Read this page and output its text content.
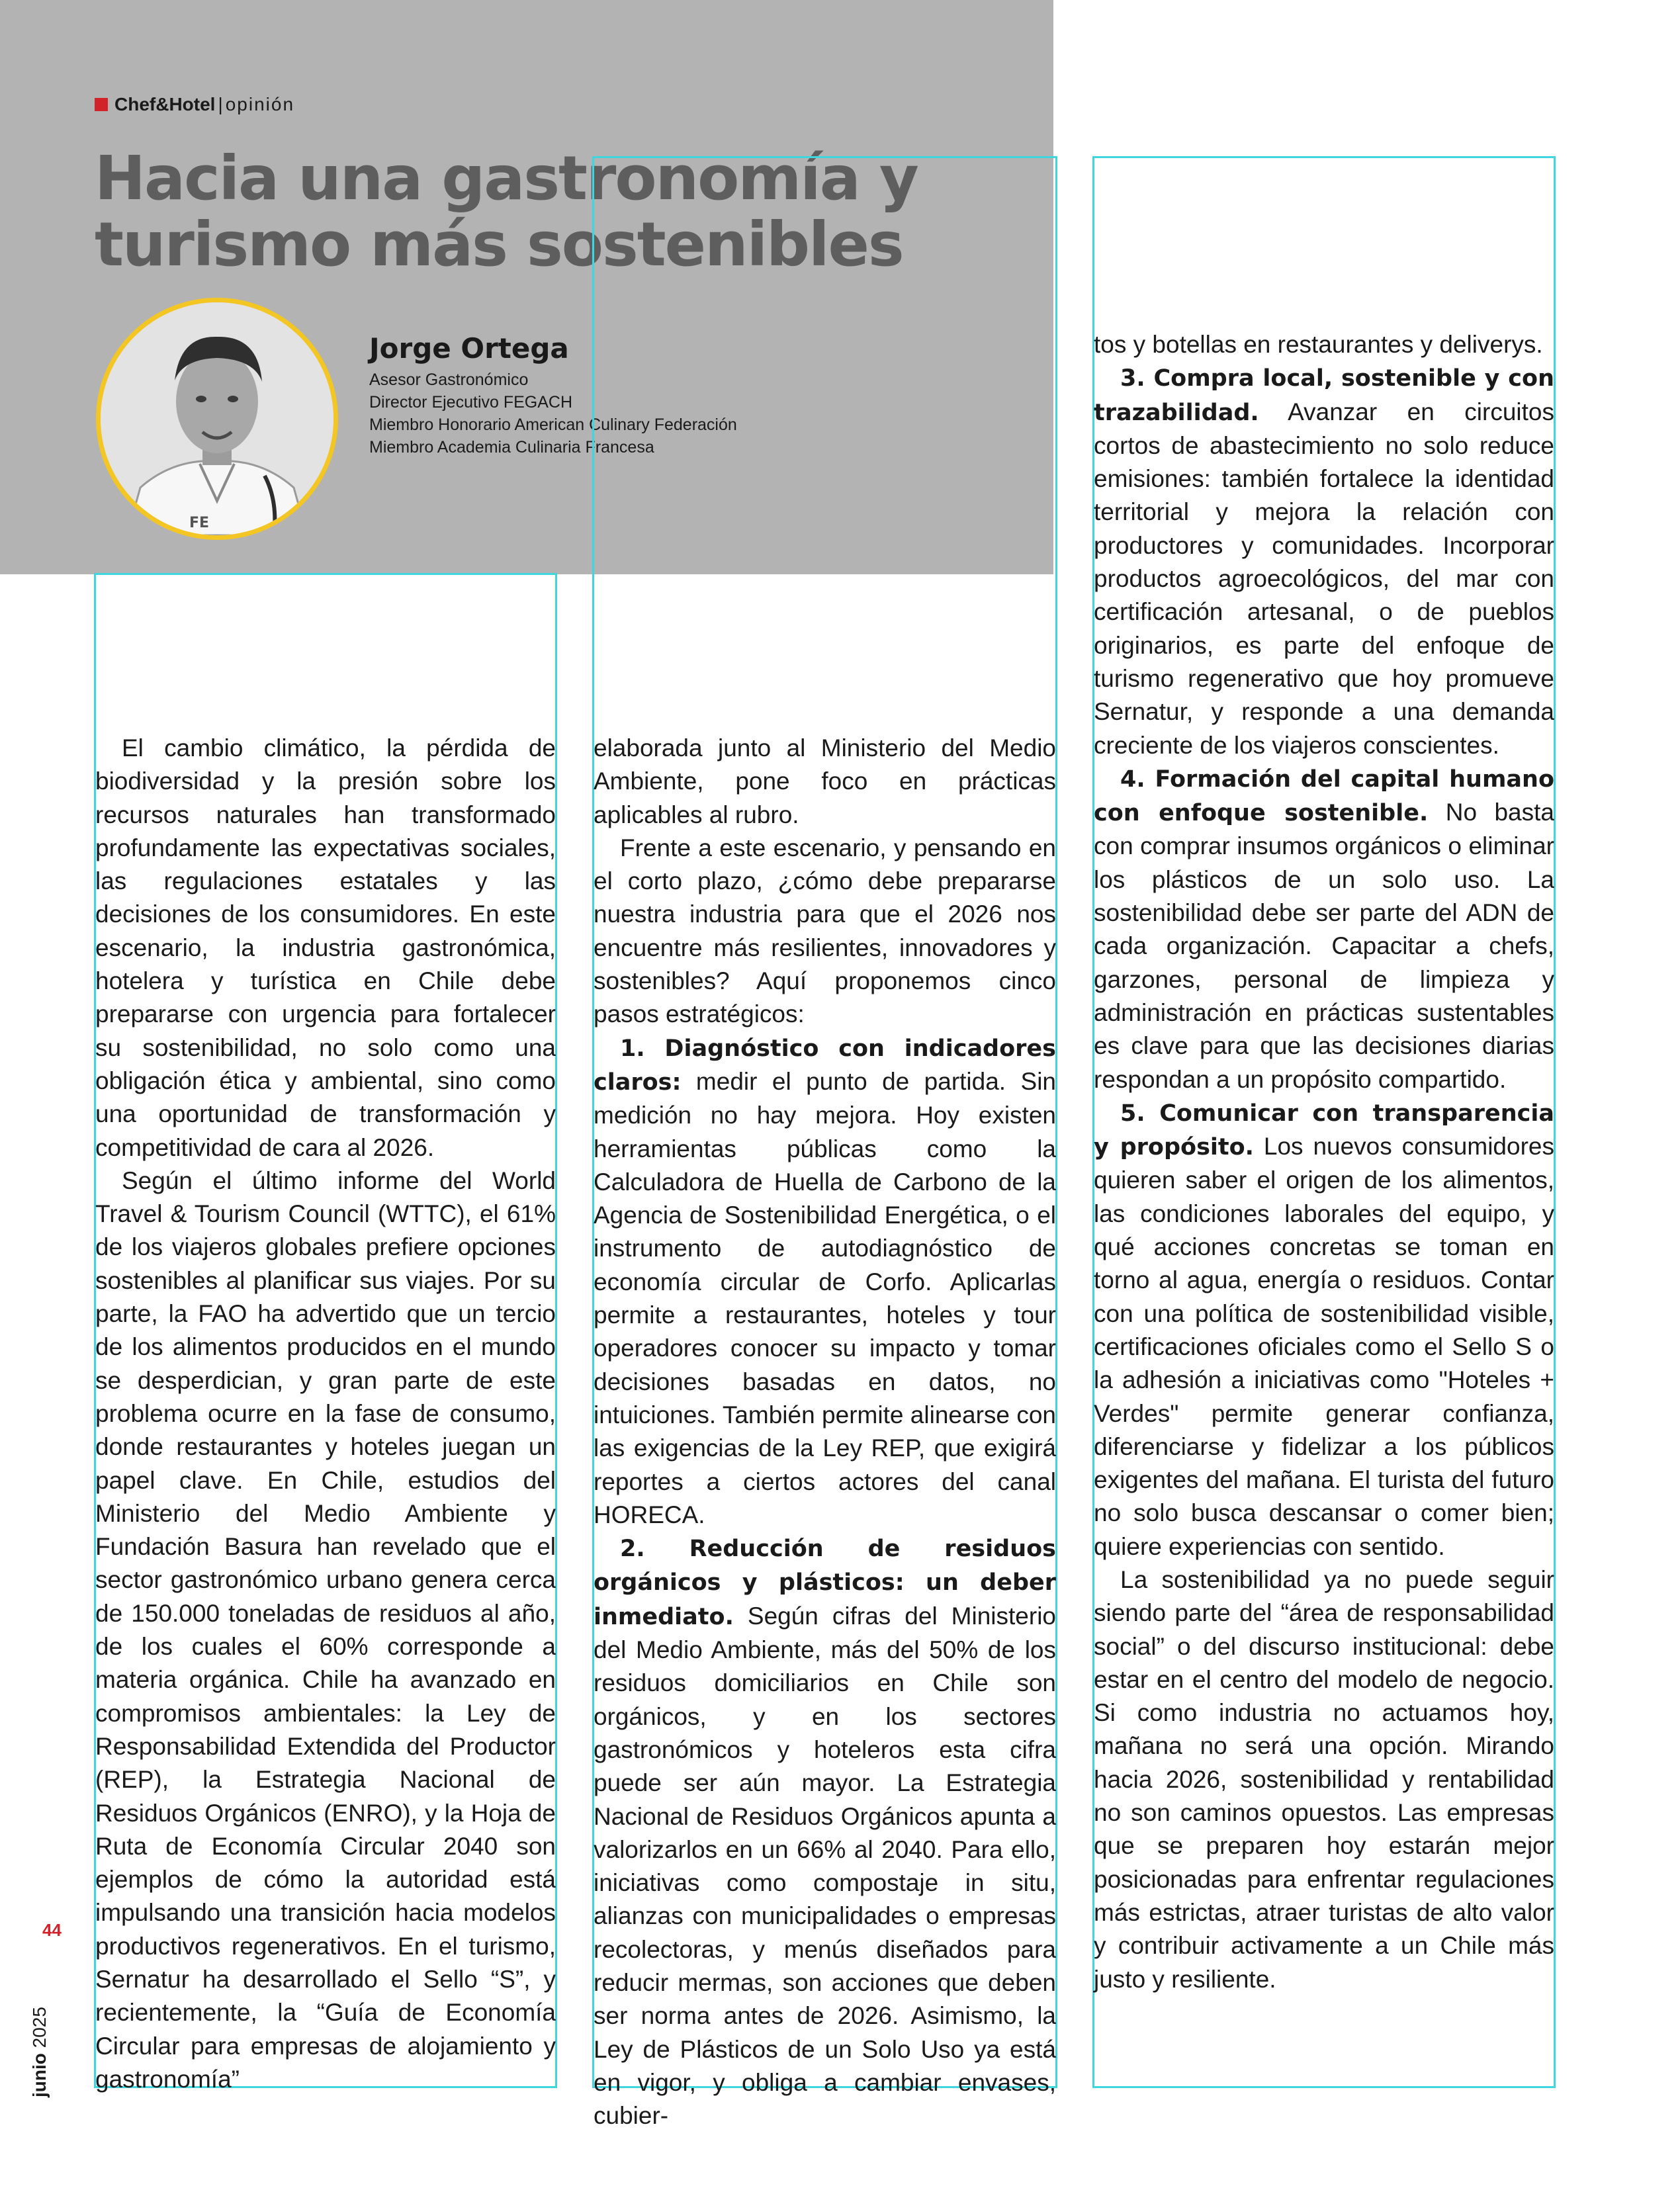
Chef&Hotel | opinión
Hacia una gastronomía y
turismo más sostenibles
FE
Jorge Ortega
Asesor Gastronómico
Director Ejecutivo FEGACH
Miembro Honorario American Culinary Federación
Miembro Academia Culinaria Francesa

El cambio climático, la pérdida de biodiversidad y la presión sobre los recursos naturales han transformado profundamente las expectativas sociales, las regulaciones estatales y las decisiones de los consumidores. En este escenario, la industria gastronómica, hotelera y turística en Chile debe prepararse con urgencia para fortalecer su sostenibilidad, no solo como una obligación ética y ambiental, sino como una oportunidad de transformación y competitividad de cara al 2026.

Según el último informe del World Travel & Tourism Council (WTTC), el 61% de los viajeros globales prefiere opciones sostenibles al planificar sus viajes. Por su parte, la FAO ha advertido que un tercio de los alimentos producidos en el mundo se desperdician, y gran parte de este problema ocurre en la fase de consumo, donde restaurantes y hoteles juegan un papel clave. En Chile, estudios del Ministerio del Medio Ambiente y Fundación Basura han revelado que el sector gastronómico urbano genera cerca de 150.000 toneladas de residuos al año, de los cuales el 60% corresponde a materia orgánica. Chile ha avanzado en compromisos ambientales: la Ley de Responsabilidad Extendida del Productor (REP), la Estrategia Nacional de Residuos Orgánicos (ENRO), y la Hoja de Ruta de Economía Circular 2040 son ejemplos de cómo la autoridad está impulsando una transición hacia modelos productivos regenerativos. En el turismo, Sernatur ha desarrollado el Sello “S”, y recientemente, la “Guía de Economía Circular para empresas de alojamiento y gastronomía”

elaborada junto al Ministerio del Medio Ambiente, pone foco en prácticas aplicables al rubro.

Frente a este escenario, y pensando en el corto plazo, ¿cómo debe prepararse nuestra industria para que el 2026 nos encuentre más resilientes, innovadores y sostenibles? Aquí proponemos cinco pasos estratégicos:

1. Diagnóstico con indicadores claros: medir el punto de partida. Sin medición no hay mejora. Hoy existen herramientas públicas como la Calculadora de Huella de Carbono de la Agencia de Sostenibilidad Energética, o el instrumento de autodiagnóstico de economía circular de Corfo. Aplicarlas permite a restaurantes, hoteles y tour operadores conocer su impacto y tomar decisiones basadas en datos, no intuiciones. También permite alinearse con las exigencias de la Ley REP, que exigirá reportes a ciertos actores del canal HORECA.

2. Reducción de residuos orgánicos y plásticos: un deber inmediato. Según cifras del Ministerio del Medio Ambiente, más del 50% de los residuos domiciliarios en Chile son orgánicos, y en los sectores gastronómicos y hoteleros esta cifra puede ser aún mayor. La Estrategia Nacional de Residuos Orgánicos apunta a valorizarlos en un 66% al 2040. Para ello, iniciativas como compostaje in situ, alianzas con municipalidades o empresas recolectoras, y menús diseñados para reducir mermas, son acciones que deben ser norma antes de 2026. Asimismo, la Ley de Plásticos de un Solo Uso ya está en vigor, y obliga a cambiar envases, cubier-

tos y botellas en restaurantes y deliverys.

3. Compra local, sostenible y con trazabilidad. Avanzar en circuitos cortos de abastecimiento no solo reduce emisiones: también fortalece la identidad territorial y mejora la relación con productores y comunidades. Incorporar productos agroecológicos, del mar con certificación artesanal, o de pueblos originarios, es parte del enfoque de turismo regenerativo que hoy promueve Sernatur, y responde a una demanda creciente de los viajeros conscientes.

4. Formación del capital humano con enfoque sostenible. No basta con comprar insumos orgánicos o eliminar los plásticos de un solo uso. La sostenibilidad debe ser parte del ADN de cada organización. Capacitar a chefs, garzones, personal de limpieza y administración en prácticas sustentables es clave para que las decisiones diarias respondan a un propósito compartido.

5. Comunicar con transparencia y propósito. Los nuevos consumidores quieren saber el origen de los alimentos, las condiciones laborales del equipo, y qué acciones concretas se toman en torno al agua, energía o residuos. Contar con una política de sostenibilidad visible, certificaciones oficiales como el Sello S o la adhesión a iniciativas como "Hoteles + Verdes" permite generar confianza, diferenciarse y fidelizar a los públicos exigentes del mañana. El turista del futuro no solo busca descansar o comer bien; quiere experiencias con sentido.

La sostenibilidad ya no puede seguir siendo parte del “área de responsabilidad social” o del discurso institucional: debe estar en el centro del modelo de negocio. Si como industria no actuamos hoy, mañana no será una opción. Mirando hacia 2026, sostenibilidad y rentabilidad no son caminos opuestos. Las empresas que se preparen hoy estarán mejor posicionadas para enfrentar regulaciones más estrictas, atraer turistas de alto valor y contribuir activamente a un Chile más justo y resiliente.

44
junio 2025
